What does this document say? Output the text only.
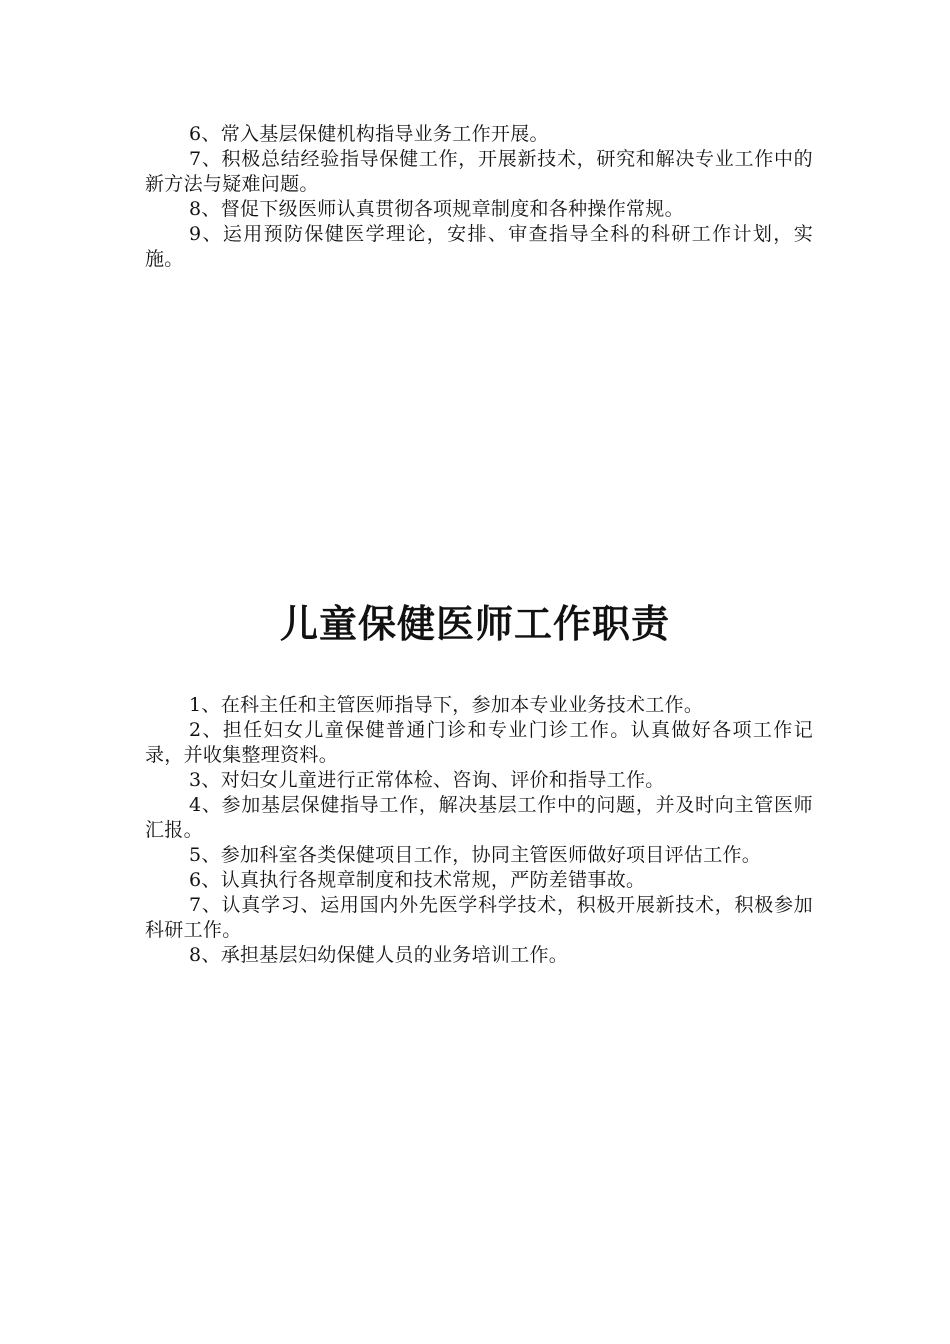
6、常入基层保健机构指导业务工作开展。

7、积极总结经验指导保健工作，开展新技术，研究和解决专业工作中的新方法与疑难问题。

8、督促下级医师认真贯彻各项规章制度和各种操作常规。

9、运用预防保健医学理论，安排、审查指导全科的科研工作计划，实施。

儿童保健医师工作职责

1、在科主任和主管医师指导下，参加本专业业务技术工作。

2、担任妇女儿童保健普通门诊和专业门诊工作。认真做好各项工作记录，并收集整理资料。

3、对妇女儿童进行正常体检、咨询、评价和指导工作。

4、参加基层保健指导工作，解决基层工作中的问题，并及时向主管医师汇报。

5、参加科室各类保健项目工作，协同主管医师做好项目评估工作。

6、认真执行各规章制度和技术常规，严防差错事故。

7、认真学习、运用国内外先医学科学技术，积极开展新技术，积极参加科研工作。

8、承担基层妇幼保健人员的业务培训工作。
